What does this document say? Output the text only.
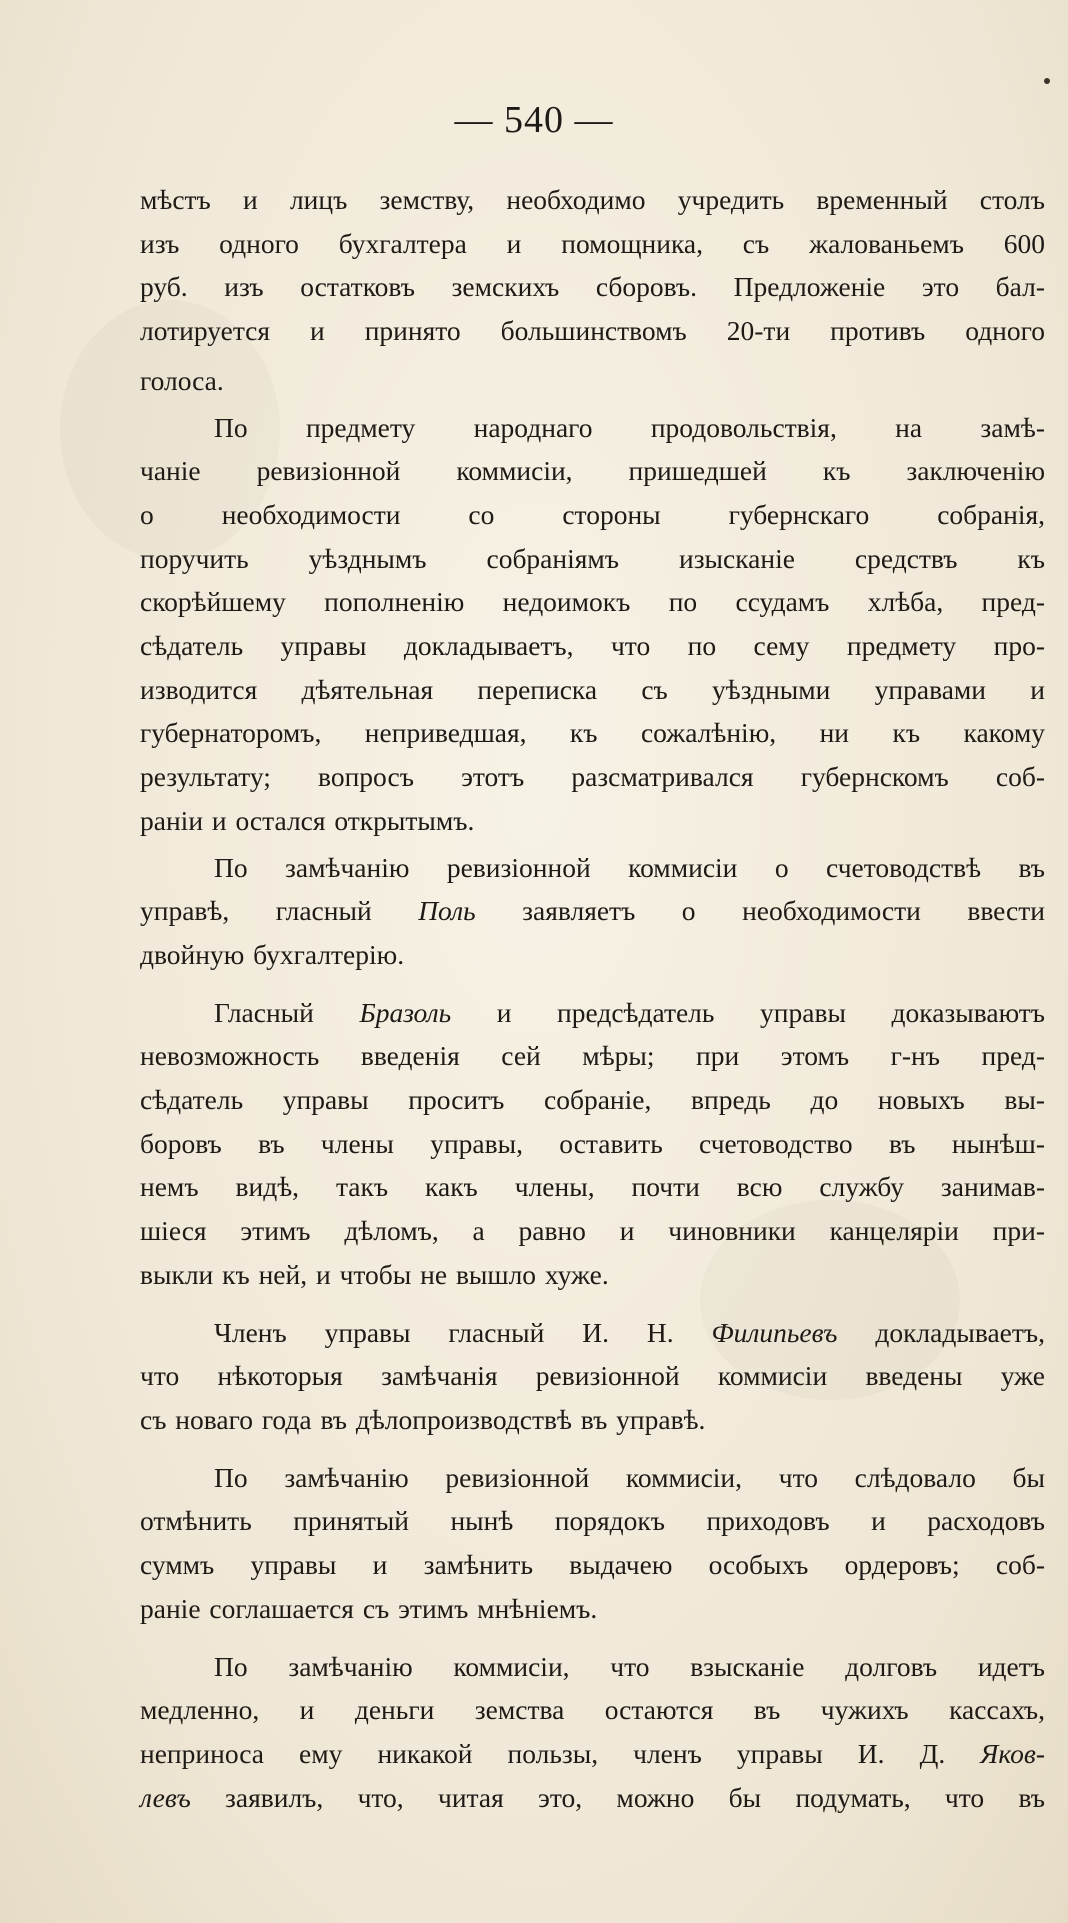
— 540 —
мѣстъ и лицъ земству, необходимо учредить временный столъ
изъ одного бухгалтера и помощника, съ жалованьемъ 600
руб. изъ остатковъ земскихъ сборовъ. Предложеніе это бал-
лотируется и принято большинствомъ 20-ти противъ одного

голоса.
По предмету народнаго продовольствія, на замѣ-
чаніе ревизіонной коммисіи, пришедшей къ заключенію
о необходимости со стороны губернскаго собранія,
поручить уѣзднымъ собраніямъ изысканіе средствъ къ
скорѣйшему пополненію недоимокъ по ссудамъ хлѣба, пред-
сѣдатель управы докладываетъ, что по сему предмету про-
изводится дѣятельная переписка съ уѣздными управами и
губернаторомъ, неприведшая, къ сожалѣнію, ни къ какому
результату; вопросъ этотъ разсматривался губернскомъ соб-

раніи и остался открытымъ.
По замѣчанію ревизіонной коммисіи о счетоводствѣ въ
управѣ, гласный Поль заявляетъ о необходимости ввести
двойную бухгалтерію.
Гласный Бразоль и предсѣдатель управы доказываютъ
невозможность введенія сей мѣры; при этомъ г-нъ пред-
сѣдатель управы проситъ собраніе, впредь до новыхъ вы-
боровъ въ члены управы, оставить счетоводство въ нынѣш-
немъ видѣ, такъ какъ члены, почти всю службу занимав-
шіеся этимъ дѣломъ, а равно и чиновники канцеляріи при-

выкли къ ней, и чтобы не вышло хуже.
Членъ управы гласный И. Н. Филипьевъ докладываетъ,
что нѣкоторыя замѣчанія ревизіонной коммисіи введены уже
съ новаго года въ дѣлопроизводствѣ въ управѣ.
По замѣчанію ревизіонной коммисіи, что слѣдовало бы
отмѣнить принятый нынѣ порядокъ приходовъ и расходовъ
суммъ управы и замѣнить выдачею особыхъ ордеровъ; соб-

раніе соглашается съ этимъ мнѣніемъ.
По замѣчанію коммисіи, что взысканіе долговъ идетъ
медленно, и деньги земства остаются въ чужихъ кассахъ,
неприноса ему никакой пользы, членъ управы И. Д. Яков-
левъ заявилъ, что, читая это, можно бы подумать, что въ
